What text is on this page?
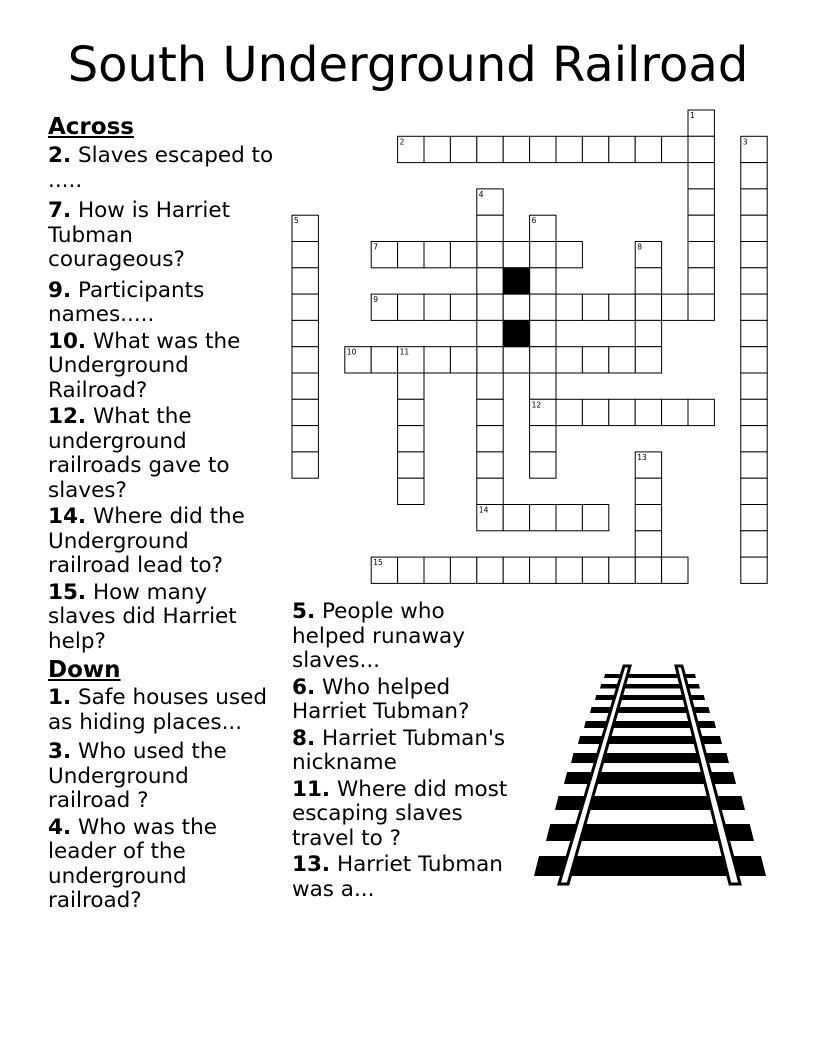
South Underground Railroad
Across
2. Slaves escaped to .....
7. How is Harriet Tubman courageous?
9. Participants names.....
10. What was the Underground Railroad?
12. What the underground railroads gave to slaves?
14. Where did the Underground railroad lead to?
15. How many slaves did Harriet help?
Down
1. Safe houses used as hiding places...
3. Who used the Underground railroad ?
4. Who was the leader of the underground railroad?
5. People who helped runaway slaves...
6. Who helped Harriet Tubman?
8. Harriet Tubman's nickname
11. Where did most escaping slaves travel to ?
13. Harriet Tubman was a...
1
2	3
4
5	6
7	8
9
10	11
12
13
14
15
